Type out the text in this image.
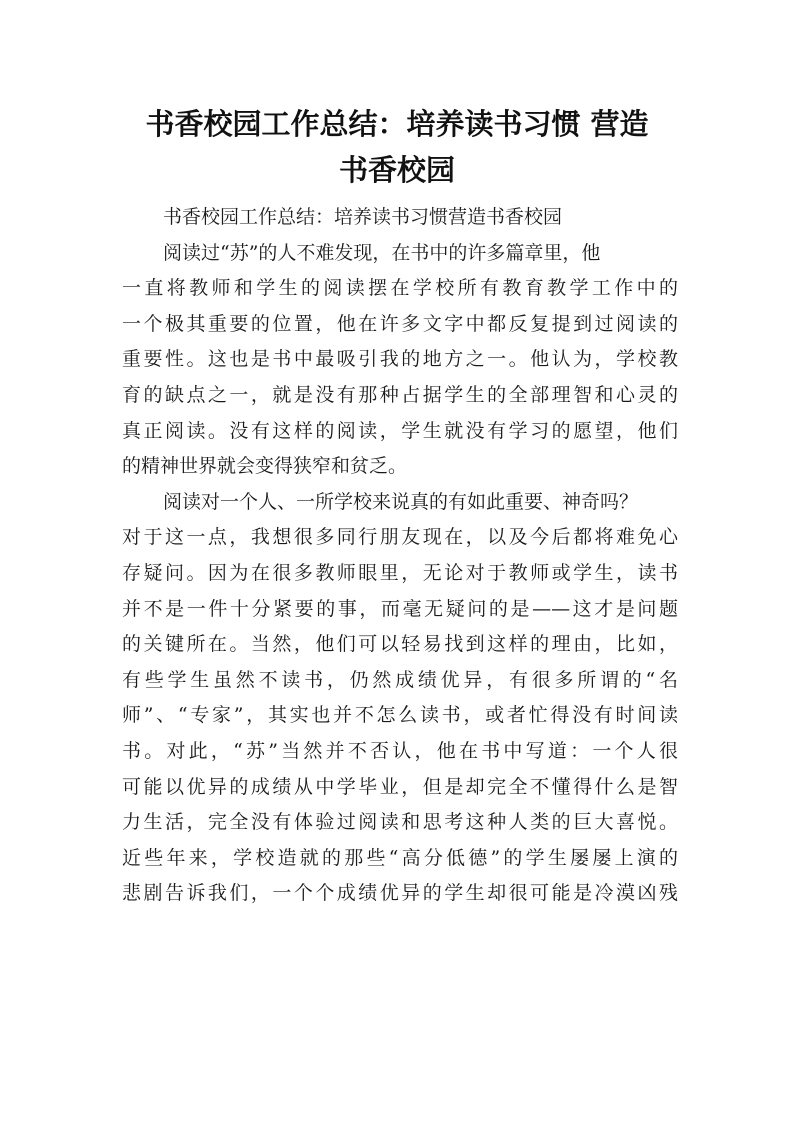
书香校园工作总结：培养读书习惯 营造
书香校园
书香校园工作总结：培养读书习惯营造书香校园
阅读过“苏”的人不难发现，在书中的许多篇章里，他
一直将教师和学生的阅读摆在学校所有教育教学工作中的
一个极其重要的位置，他在许多文字中都反复提到过阅读的
重要性。这也是书中最吸引我的地方之一。他认为，学校教
育的缺点之一，就是没有那种占据学生的全部理智和心灵的
真正阅读。没有这样的阅读，学生就没有学习的愿望，他们
的精神世界就会变得狭窄和贫乏。
阅读对一个人、一所学校来说真的有如此重要、神奇吗？
对于这一点，我想很多同行朋友现在，以及今后都将难免心
存疑问。因为在很多教师眼里，无论对于教师或学生，读书
并不是一件十分紧要的事，而毫无疑问的是——这才是问题
的关键所在。当然，他们可以轻易找到这样的理由，比如，
有些学生虽然不读书，仍然成绩优异，有很多所谓的“名
师”、“专家”，其实也并不怎么读书，或者忙得没有时间读
书。对此，“苏”当然并不否认，他在书中写道：一个人很
可能以优异的成绩从中学毕业，但是却完全不懂得什么是智
力生活，完全没有体验过阅读和思考这种人类的巨大喜悦。
近些年来，学校造就的那些“高分低德”的学生屡屡上演的
悲剧告诉我们，一个个成绩优异的学生却很可能是冷漠凶残
